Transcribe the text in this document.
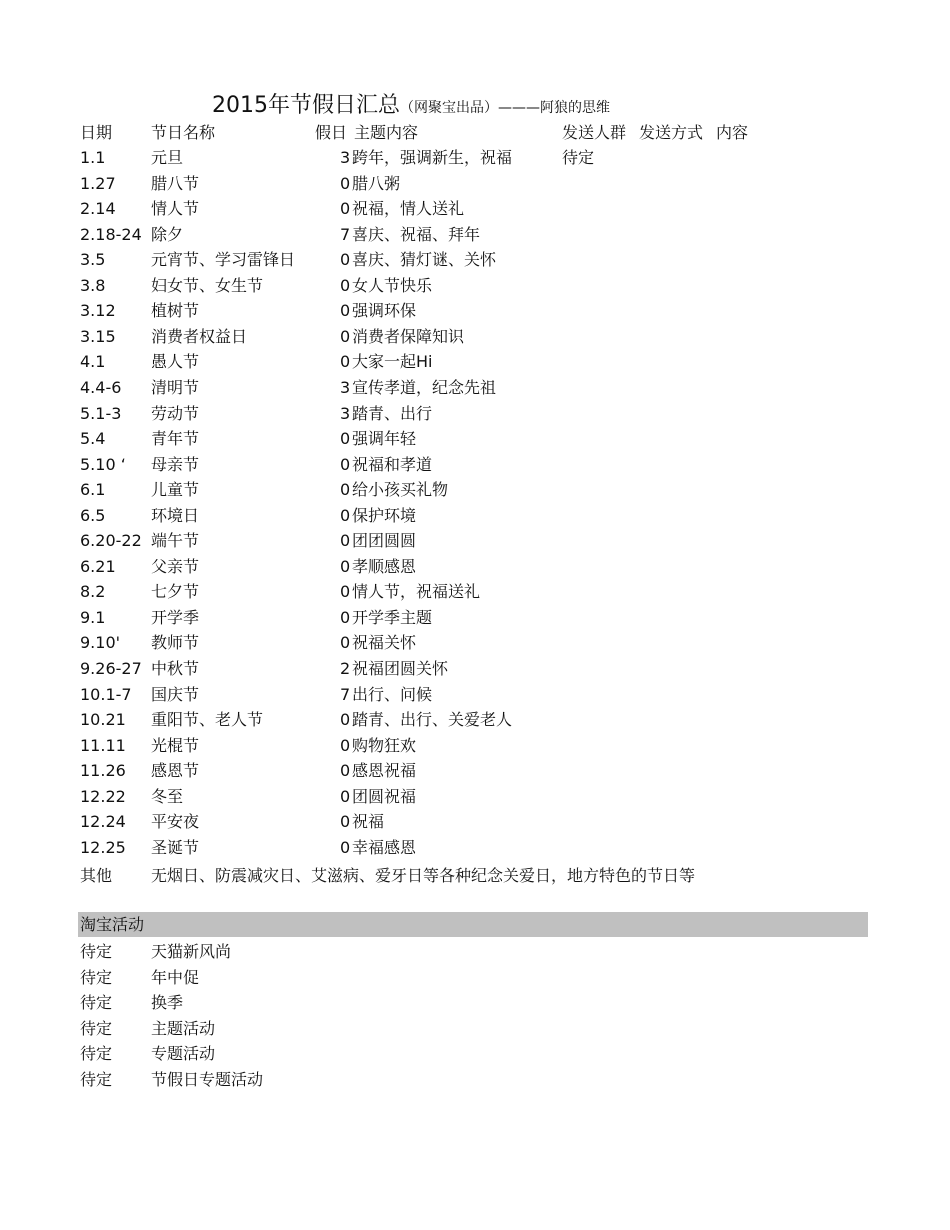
2015年节假日汇总（网聚宝出品）———阿狼的思维
日期 节日名称	假日 主题内容	发送人群 发送方式 内容
1.1	元旦	3 跨年，强调新生，祝福	待定
1.27 腊八节	0 腊八粥
2.14 情人节	0 祝福，情人送礼
2.18-24 除夕	7 喜庆、祝福、拜年
3.5	元宵节、学习雷锋日	0 喜庆、猜灯谜、关怀
3.8	妇女节、女生节	0 女人节快乐
3.12 植树节	0 强调环保
3.15 消费者权益日	0 消费者保障知识
4.1	愚人节	0 大家一起Hi
4.4-6 清明节	3 宣传孝道，纪念先祖
5.1-3 劳动节	3 踏青、出行
5.4	青年节	0 强调年轻
5.10 ‘ 母亲节	0 祝福和孝道
6.1	儿童节	0 给小孩买礼物
6.5	环境日	0 保护环境
6.20-22 端午节	0 团团圆圆
6.21 父亲节	0 孝顺感恩
8.2	七夕节	0 情人节，祝福送礼
9.1	开学季	0 开学季主题
9.10' 教师节	0 祝福关怀
9.26-27 中秋节	2 祝福团圆关怀
10.1-7 国庆节	7 出行、问候
10.21 重阳节、老人节	0 踏青、出行、关爱老人
11.11 光棍节	0 购物狂欢
11.26 感恩节	0 感恩祝福
12.22 冬至	0 团圆祝福
12.24 平安夜	0 祝福
12.25 圣诞节	0 幸福感恩
其他 无烟日、防震减灾日、艾滋病、爱牙日等各种纪念关爱日，地方特色的节日等
淘宝活动
待定 天猫新风尚
待定 年中促
待定 换季
待定 主题活动
待定 专题活动
待定 节假日专题活动
